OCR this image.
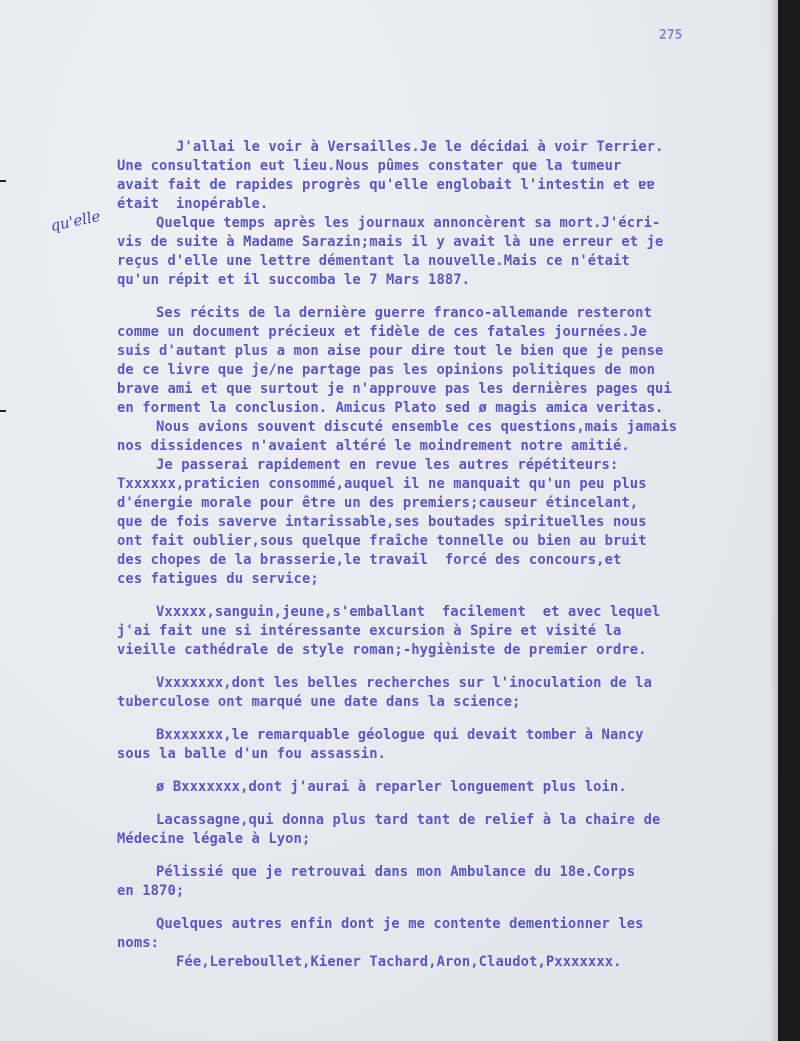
275
qu'elle
J'allai le voir à Versailles.Je le décidai à voir Terrier.
Une consultation eut lieu.Nous pûmes constater que la tumeur
avait fait de rapides progrès qu'elle englobait l'intestin et ɐɐ
était  inopérable.
Quelque temps après les journaux annoncèrent sa mort.J'écri-
vis de suite à Madame Sarazin;mais il y avait là une erreur et je
reçus d'elle une lettre démentant la nouvelle.Mais ce n'était
qu'un répit et il succomba le 7 Mars 1887.
Ses récits de la dernière guerre franco-allemande resteront
comme un document précieux et fidèle de ces fatales journées.Je
suis d'autant plus a mon aise pour dire tout le bien que je pense
de ce livre que je/ne partage pas les opinions politiques de mon
brave ami et que surtout je n'approuve pas les dernières pages qui
en forment la conclusion. Amicus Plato sed ø magis amica veritas.
Nous avions souvent discuté ensemble ces questions,mais jamais
nos dissidences n'avaient altéré le moindrement notre amitié.
Je passerai rapidement en revue les autres répétiteurs:
Txxxxxx,praticien consommé,auquel il ne manquait qu'un peu plus
d'énergie morale pour être un des premiers;causeur étincelant,
que de fois saverve intarissable,ses boutades spirituelles nous
ont fait oublier,sous quelque fraîche tonnelle ou bien au bruit
des chopes de la brasserie,le travail  forcé des concours,et
ces fatigues du service;
Vxxxxx,sanguin,jeune,s'emballant  facilement  et avec lequel
j'ai fait une si intéressante excursion à Spire et visité la
vieille cathédrale de style roman;-hygièniste de premier ordre.
Vxxxxxxx,dont les belles recherches sur l'inoculation de la
tuberculose ont marqué une date dans la science;
Bxxxxxxx,le remarquable géologue qui devait tomber à Nancy
sous la balle d'un fou assassin.
ø Bxxxxxxx,dont j'aurai à reparler longuement plus loin.
Lacassagne,qui donna plus tard tant de relief à la chaire de
Médecine légale à Lyon;
Pélissié que je retrouvai dans mon Ambulance du 18e.Corps
en 1870;
Quelques autres enfin dont je me contente dementionner les
noms:
Fée,Lereboullet,Kiener Tachard,Aron,Claudot,Pxxxxxxx.
